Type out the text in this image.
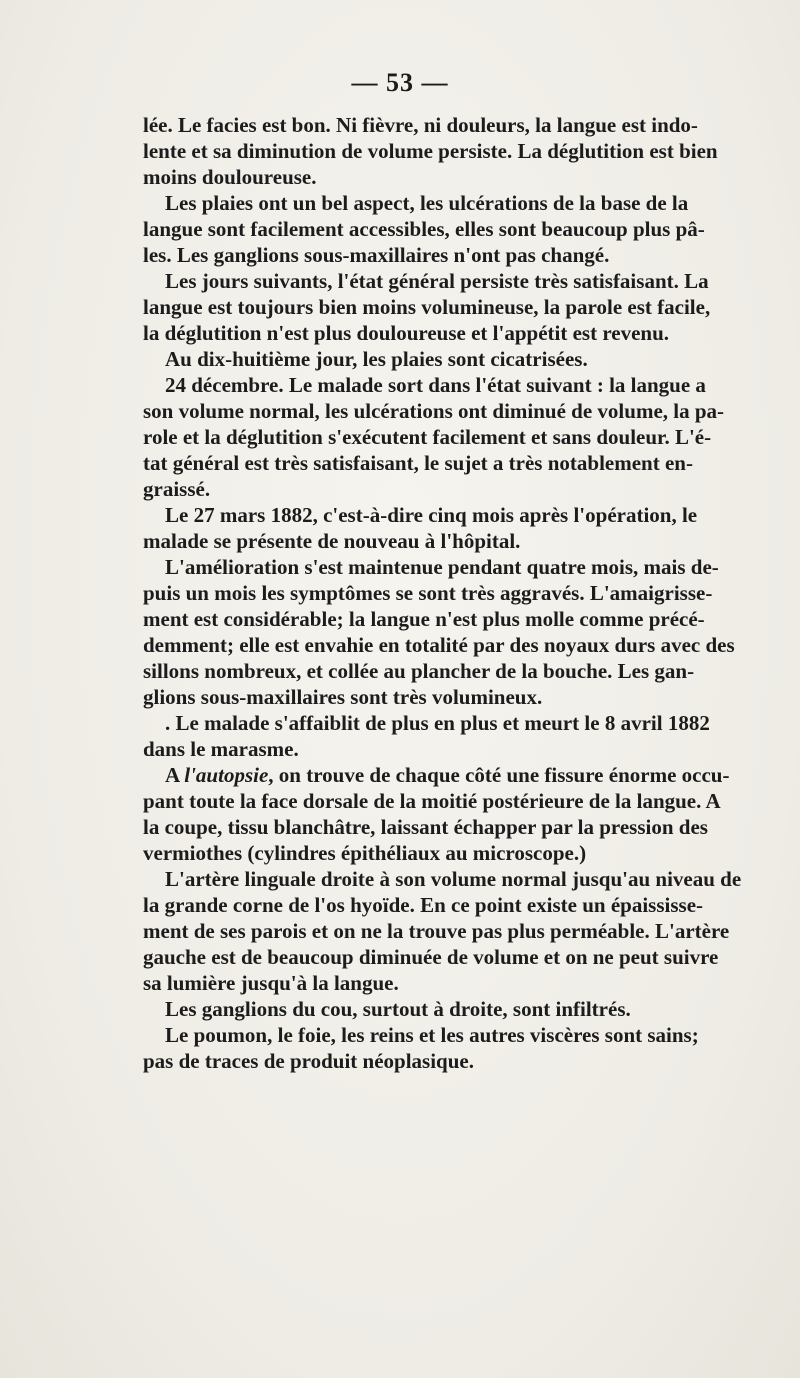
— 53 —
lée. Le facies est bon. Ni fièvre, ni douleurs, la langue est indo-
lente et sa diminution de volume persiste. La déglutition est bien
moins douloureuse.
Les plaies ont un bel aspect, les ulcérations de la base de la
langue sont facilement accessibles, elles sont beaucoup plus pâ-
les. Les ganglions sous-maxillaires n'ont pas changé.
Les jours suivants, l'état général persiste très satisfaisant. La
langue est toujours bien moins volumineuse, la parole est facile,
la déglutition n'est plus douloureuse et l'appétit est revenu.
Au dix-huitième jour, les plaies sont cicatrisées.
24 décembre. Le malade sort dans l'état suivant : la langue a
son volume normal, les ulcérations ont diminué de volume, la pa-
role et la déglutition s'exécutent facilement et sans douleur. L'é-
tat général est très satisfaisant, le sujet a très notablement en-
graissé.
Le 27 mars 1882, c'est-à-dire cinq mois après l'opération, le
malade se présente de nouveau à l'hôpital.
L'amélioration s'est maintenue pendant quatre mois, mais de-
puis un mois les symptômes se sont très aggravés. L'amaigrisse-
ment est considérable; la langue n'est plus molle comme précé-
demment; elle est envahie en totalité par des noyaux durs avec des
sillons nombreux, et collée au plancher de la bouche. Les gan-
glions sous-maxillaires sont très volumineux.
. Le malade s'affaiblit de plus en plus et meurt le 8 avril 1882
dans le marasme.
A l'autopsie, on trouve de chaque côté une fissure énorme occu-
pant toute la face dorsale de la moitié postérieure de la langue. A
la coupe, tissu blanchâtre, laissant échapper par la pression des
vermiothes (cylindres épithéliaux au microscope.)
L'artère linguale droite à son volume normal jusqu'au niveau de
la grande corne de l'os hyoïde. En ce point existe un épaississe-
ment de ses parois et on ne la trouve pas plus perméable. L'artère
gauche est de beaucoup diminuée de volume et on ne peut suivre
sa lumière jusqu'à la langue.
Les ganglions du cou, surtout à droite, sont infiltrés.
Le poumon, le foie, les reins et les autres viscères sont sains;
pas de traces de produit néoplasique.
